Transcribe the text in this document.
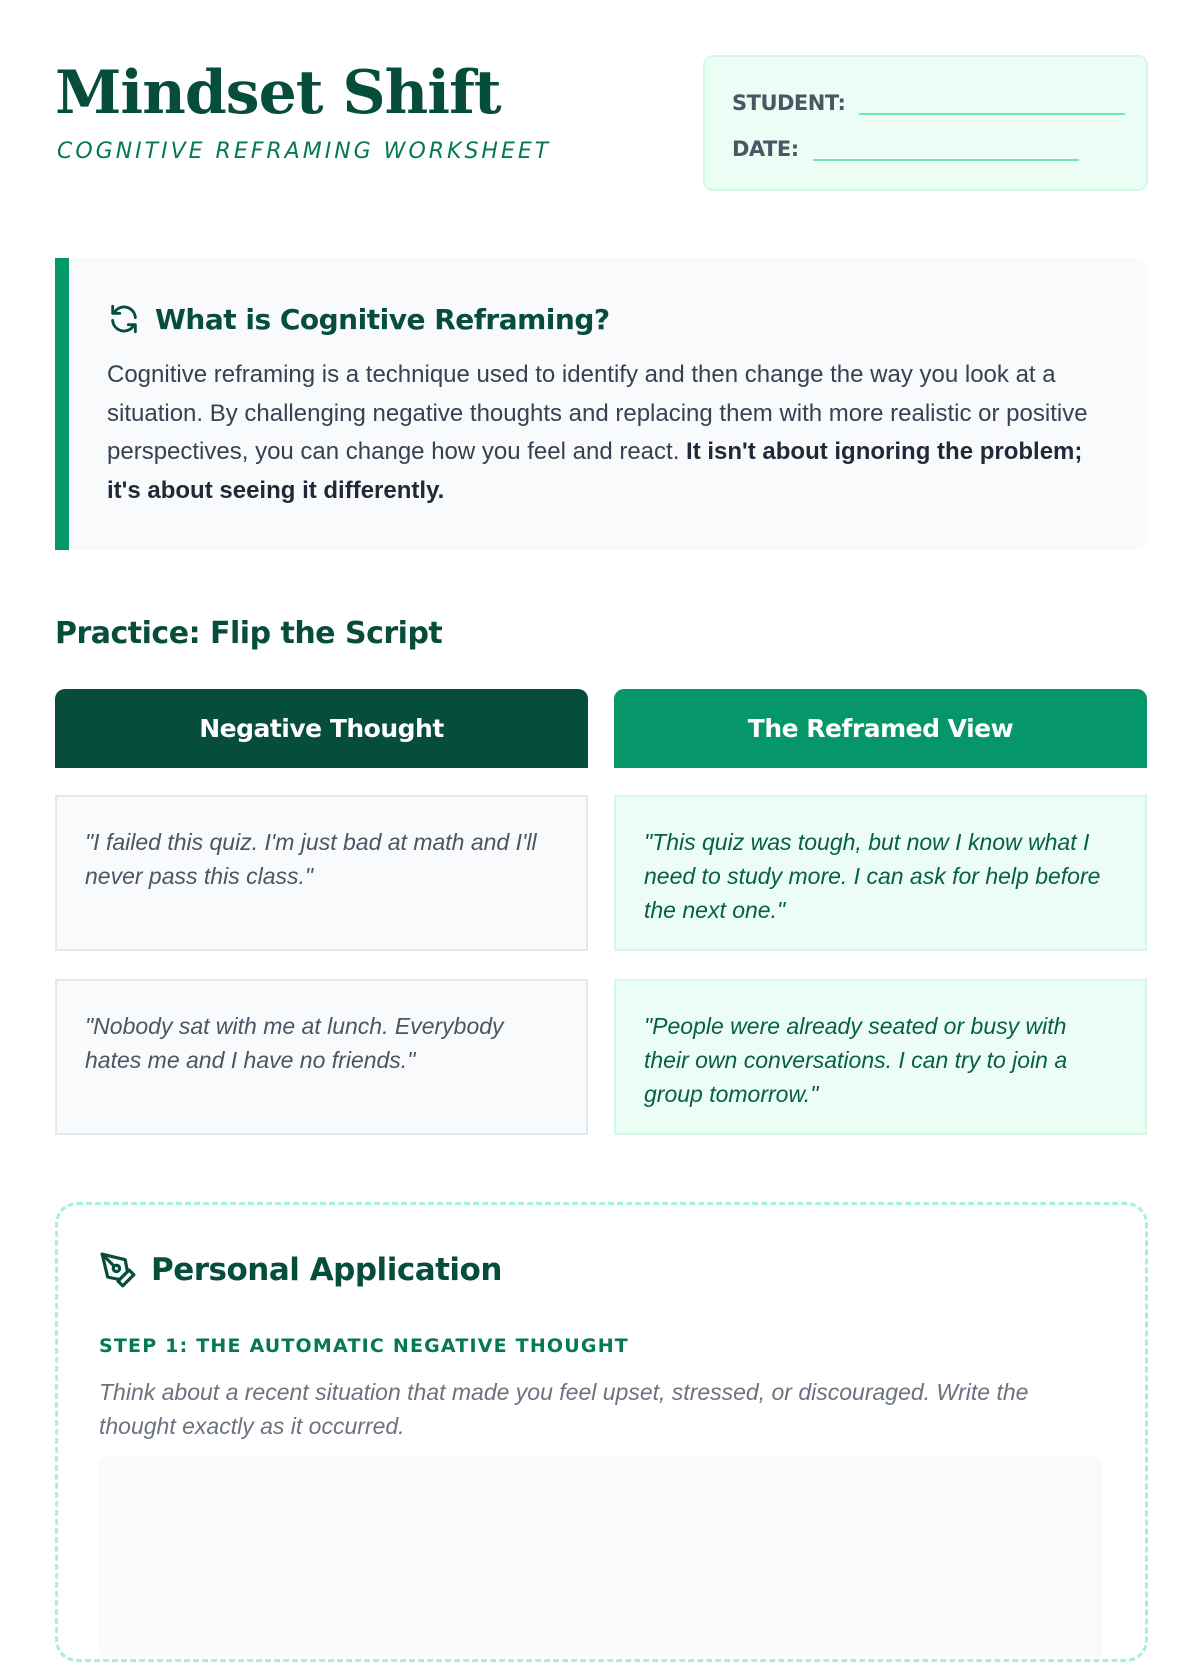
Mindset Shift
COGNITIVE REFRAMING WORKSHEET
STUDENT:
DATE:
What is Cognitive Reframing?

Cognitive reframing is a technique used to identify and then change the way you look at a situation. By challenging negative thoughts and replacing them with more realistic or positive perspectives, you can change how you feel and react. It isn't about ignoring the problem; it's about seeing it differently.

Practice: Flip the Script
Negative Thought	The Reframed View
"I failed this quiz. I'm just bad at math and I'll never pass this class."
"This quiz was tough, but now I know what I need to study more. I can ask for help before the next one."
"Nobody sat with me at lunch. Everybody hates me and I have no friends."
"People were already seated or busy with their own conversations. I can try to join a group tomorrow."
Personal Application
STEP 1: THE AUTOMATIC NEGATIVE THOUGHT

Think about a recent situation that made you feel upset, stressed, or discouraged. Write the thought exactly as it occurred.
